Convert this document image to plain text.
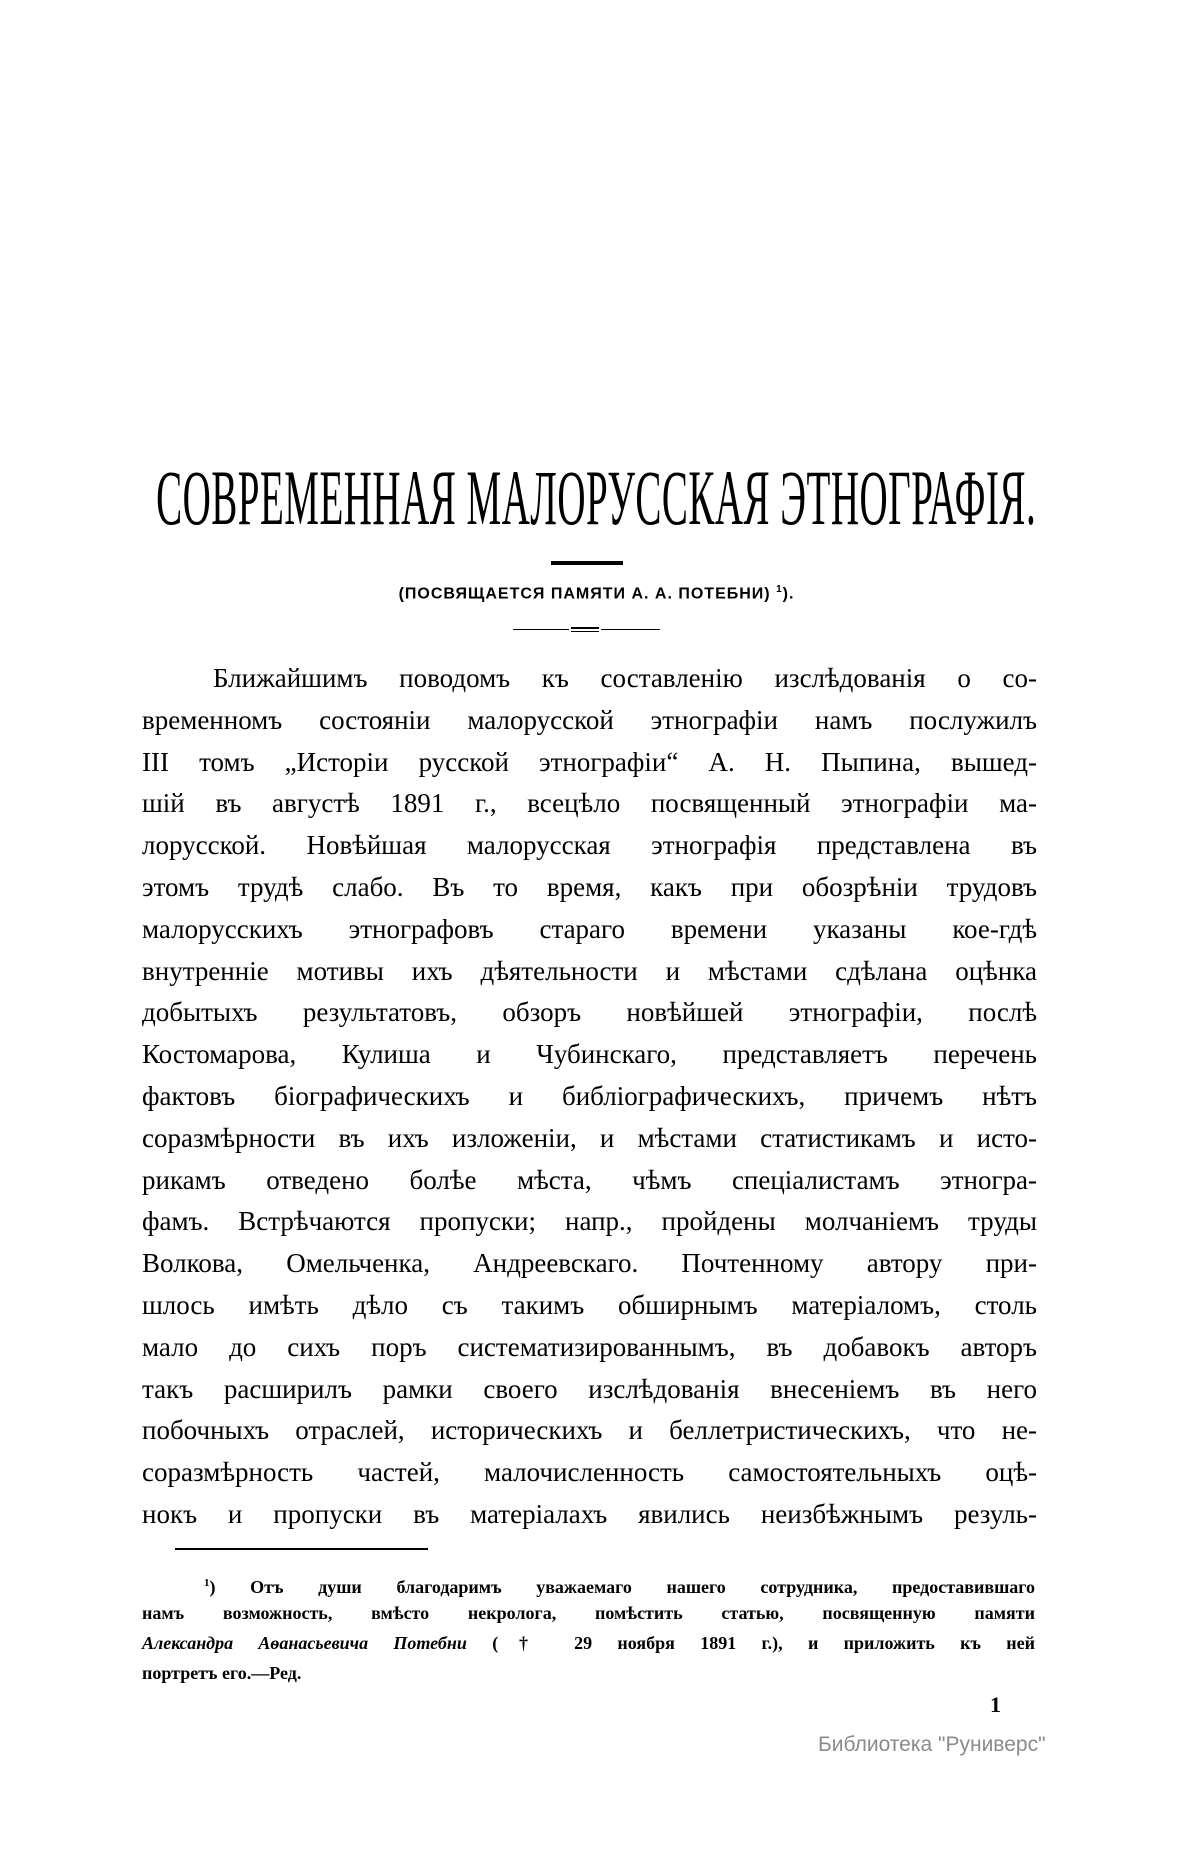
СОВРЕМЕННАЯ МАЛОРУССКАЯ ЭТНОГРАФІЯ.
(ПОСВЯЩАЕТСЯ ПАМЯТИ А. А. ПОТЕБНИ) $^1$).
Ближайшимъ поводомъ къ составленію изслѣдованія о со-
временномъ состояніи малорусской этнографіи намъ послужилъ
III томъ „Исторіи русской этнографіи“ А. Н. Пыпина, вышед-
шій въ августѣ 1891 г., всецѣло посвященный этнографіи ма-
лорусской. Новѣйшая малорусская этнографія представлена въ
этомъ трудѣ слабо. Въ то время, какъ при обозрѣніи трудовъ
малорусскихъ этнографовъ стараго времени указаны кое-гдѣ
внутренніе мотивы ихъ дѣятельности и мѣстами сдѣлана оцѣнка
добытыхъ результатовъ, обзоръ новѣйшей этнографіи, послѣ
Костомарова, Кулиша и Чубинскаго, представляетъ перечень
фактовъ біографическихъ и библіографическихъ, причемъ нѣтъ
соразмѣрности въ ихъ изложеніи, и мѣстами статистикамъ и исто-
рикамъ отведено болѣе мѣста, чѣмъ спеціалистамъ этногра-
фамъ. Встрѣчаются пропуски; напр., пройдены молчаніемъ труды
Волкова, Омельченка, Андреевскаго. Почтенному автору при-
шлось имѣть дѣло съ такимъ обширнымъ матеріаломъ, столь
мало до сихъ поръ систематизированнымъ, въ добавокъ авторъ
такъ расширилъ рамки своего изслѣдованія внесеніемъ въ него
побочныхъ отраслей, историческихъ и беллетристическихъ, что не-
соразмѣрность частей, малочисленность самостоятельныхъ оцѣ-
нокъ и пропуски въ матеріалахъ явились неизбѣжнымъ резуль-
$^1$) Отъ души благодаримъ уважаемаго нашего сотрудника, предоставившаго
намъ возможность, вмѣсто некролога, помѣстить статью, посвященную памяти
Александра Аѳанасьевича Потебни († 29 ноября 1891 г.), и приложить къ ней
портретъ его.—Ред.
1
Библиотека "Руниверс"
